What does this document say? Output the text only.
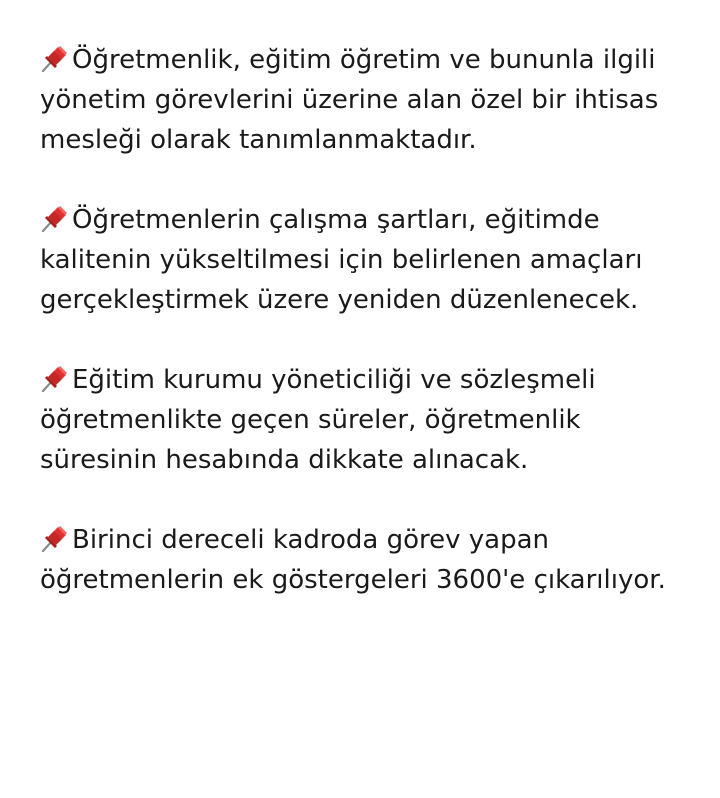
Öğretmenlik, eğitim öğretim ve bununla ilgili yönetim görevlerini üzerine alan özel bir ihtisas mesleği olarak tanımlanmaktadır.

Öğretmenlerin çalışma şartları, eğitimde kalitenin yükseltilmesi için belirlenen amaçları gerçekleştirmek üzere yeniden düzenlenecek.

Eğitim kurumu yöneticiliği ve sözleşmeli öğretmenlikte geçen süreler, öğretmenlik süresinin hesabında dikkate alınacak.

Birinci dereceli kadroda görev yapan öğretmenlerin ek göstergeleri 3600'e çıkarılıyor.
